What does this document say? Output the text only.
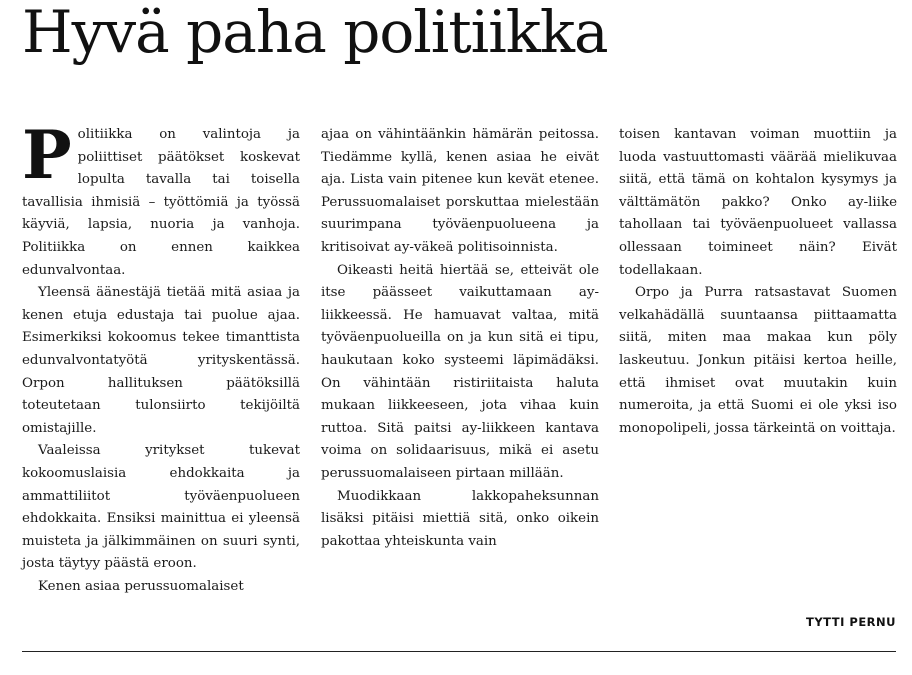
Hyvä paha politiikka

Politiikka on valintoja ja poliittiset päätökset koskevat lopulta tavalla tai toisella tavallisia ihmisiä – työttömiä ja työssä käyviä, lapsia, nuoria ja vanhoja. Politiikka on ennen kaikkea edunvalvontaa.

Yleensä äänestäjä tietää mitä asiaa ja kenen etuja edustaja tai puolue ajaa. Esimerkiksi kokoomus tekee timanttista edunvalvontatyötä yrityskentässä. Orpon hallituksen päätöksillä toteutetaan tulonsiirto tekijöiltä omistajille.

Vaaleissa yritykset tukevat kokoomuslaisia ehdokkaita ja ammattiliitot työväenpuolueen ehdokkaita. Ensiksi mainittua ei yleensä muisteta ja jälkimmäinen on suuri synti, josta täytyy päästä eroon.

Kenen asiaa perussuomalaiset

ajaa on vähintäänkin hämärän peitossa. Tiedämme kyllä, kenen asiaa he eivät aja. Lista vain pitenee kun kevät etenee. Perussuomalaiset porskuttaa mielestään suurimpana työväenpuolueena ja kritisoivat ay-väkeä politisoinnista.

Oikeasti heitä hiertää se, etteivät ole itse päässeet vaikuttamaan ay-liikkeessä. He hamuavat valtaa, mitä työväenpuolueilla on ja kun sitä ei tipu, haukutaan koko systeemi läpimädäksi. On vähintään ristiriitaista haluta mukaan liikkeeseen, jota vihaa kuin ruttoa. Sitä paitsi ay-liikkeen kantava voima on solidaarisuus, mikä ei asetu perussuomalaiseen pirtaan millään.

Muodikkaan lakkopaheksunnan lisäksi pitäisi miettiä sitä, onko oikein pakottaa yhteiskunta vain

toisen kantavan voiman muottiin ja luoda vastuuttomasti väärää mielikuvaa siitä, että tämä on kohtalon kysymys ja välttämätön pakko? Onko ay-liike tahollaan tai työväenpuolueet vallassa ollessaan toimineet näin? Eivät todellakaan.

Orpo ja Purra ratsastavat Suomen velkahädällä suuntaansa piittaamatta siitä, miten maa makaa kun pöly laskeutuu. Jonkun pitäisi kertoa heille, että ihmiset ovat muutakin kuin numeroita, ja että Suomi ei ole yksi iso monopolipeli, jossa tärkeintä on voittaja.

TYTTI PERNU
